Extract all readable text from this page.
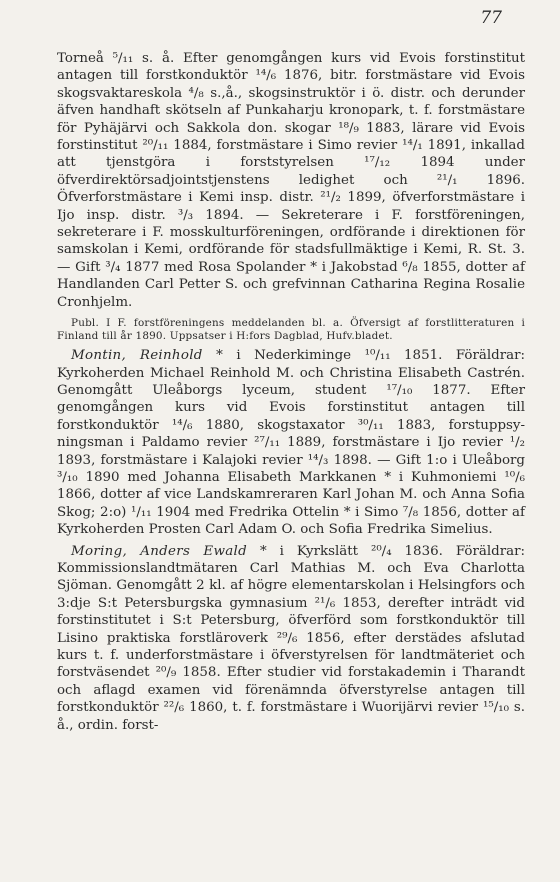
77

Torneå ⁵/₁₁ s. å. Efter genomgången kurs vid Evois forstinstitut antagen till forstkonduktör ¹⁴/₆ 1876, bitr. forstmästare vid Evois skogsvaktareskola ⁴/₈ s.,å., skogsinstruktör i ö. distr. och derunder äfven handhaft skötseln af Punkaharju kronopark, t. f. forstmästare för Pyhäjärvi och Sakkola don. skogar ¹⁸/₉ 1883, lärare vid Evois forstinstitut ²⁰/₁₁ 1884, forstmästare i Simo revier ¹⁴/₁ 1891, inkallad att tjenstgöra i forststyrelsen ¹⁷/₁₂ 1894 under öfverdirektörsadjointstjenstens ledighet och ²¹/₁ 1896. Öfverforstmästare i Kemi insp. distr. ²¹/₂ 1899, öfverforstmästare i Ijo insp. distr. ³/₃ 1894. — Sekreterare i F. forstföreningen, sekreterare i F. mosskulturföreningen, ordförande i direktionen för samskolan i Kemi, ordförande för stadsfullmäktige i Kemi, R. St. 3. — Gift ³/₄ 1877 med Rosa Spolander * i Jakobstad ⁶/₈ 1855, dotter af Handlanden Carl Petter S. och grefvinnan Catharina Regina Rosalie Cronhjelm.

Publ. I F. forstföreningens meddelanden bl. a. Öfversigt af forstlitteraturen i Finland till år 1890. Uppsatser i H:fors Dagblad, Hufv.bladet.

Montin, Reinhold * i Nederkiminge ¹⁰/₁₁ 1851. Föräldrar: Kyrkoherden Michael Reinhold M. och Christina Elisabeth Castrén. Genomgått Uleåborgs lyceum, student ¹⁷/₁₀ 1877. Efter genomgången kurs vid Evois forstinstitut antagen till forstkonduktör ¹⁴/₆ 1880, skogstaxator ³⁰/₁₁ 1883, forstuppsyningsman i Paldamo revier ²⁷/₁₁ 1889, forstmästare i Ijo revier ¹/₂ 1893, forstmästare i Kalajoki revier ¹⁴/₃ 1898. — Gift 1:o i Uleåborg ³/₁₀ 1890 med Johanna Elisabeth Markkanen * i Kuhmoniemi ¹⁰/₆ 1866, dotter af vice Landskamreraren Karl Johan M. och Anna Sofia Skog; 2:o) ¹/₁₁ 1904 med Fredrika Ottelin * i Simo ⁷/₈ 1856, dotter af Kyrkoherden Prosten Carl Adam O. och Sofia Fredrika Simelius.

Moring, Anders Ewald * i Kyrkslätt ²⁰/₄ 1836. Föräldrar: Kommissionslandtmätaren Carl Mathias M. och Eva Charlotta Sjöman. Genomgått 2 kl. af högre elementarskolan i Helsingfors och 3:dje S:t Petersburgska gymnasium ²¹/₆ 1853, derefter inträdt vid forstinstitutet i S:t Petersburg, öfverförd som forstkonduktör till Lisino praktiska forstläroverk ²⁹/₆ 1856, efter derstädes afslutad kurs t. f. underforstmästare i öfverstyrelsen för landtmäteriet och forstväsendet ²⁰/₉ 1858. Efter studier vid forstakademin i Tharandt och aflagd examen vid förenämnda öfverstyrelse antagen till forstkonduktör ²²/₆ 1860, t. f. forstmästare i Wuorijärvi revier ¹⁵/₁₀ s. å., ordin. forst-
